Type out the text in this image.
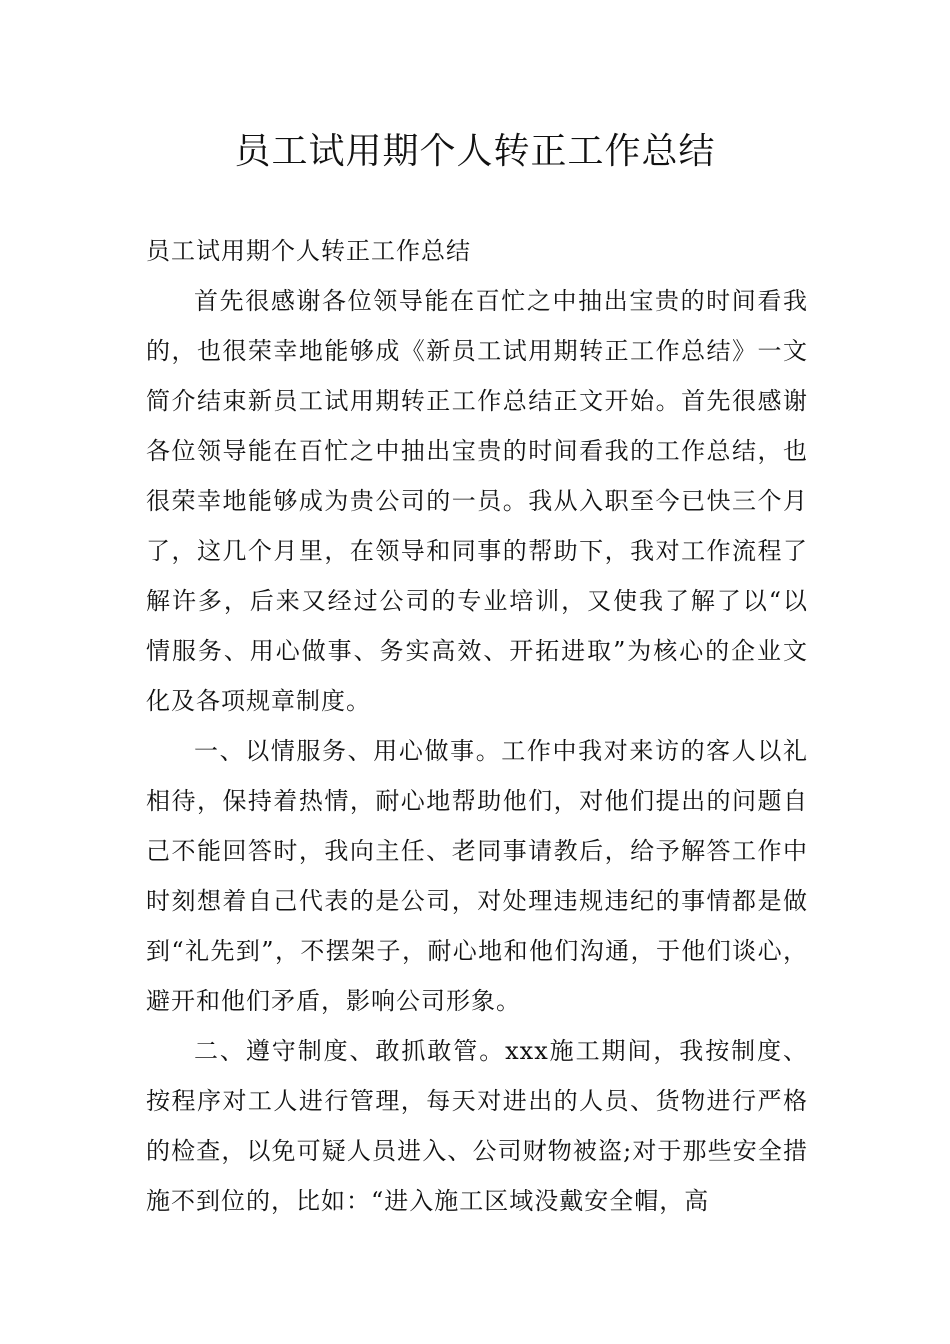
员工试用期个人转正工作总结

员工试用期个人转正工作总结

首先很感谢各位领导能在百忙之中抽出宝贵的时间看我的，也很荣幸地能够成《新员工试用期转正工作总结》一文简介结束新员工试用期转正工作总结正文开始。首先很感谢各位领导能在百忙之中抽出宝贵的时间看我的工作总结，也很荣幸地能够成为贵公司的一员。我从入职至今已快三个月了，这几个月里，在领导和同事的帮助下，我对工作流程了解许多，后来又经过公司的专业培训，又使我了解了以“以情服务、用心做事、务实高效、开拓进取”为核心的企业文化及各项规章制度。

一、以情服务、用心做事。工作中我对来访的客人以礼相待，保持着热情，耐心地帮助他们，对他们提出的问题自己不能回答时，我向主任、老同事请教后，给予解答工作中时刻想着自己代表的是公司，对处理违规违纪的事情都是做到“礼先到”，不摆架子，耐心地和他们沟通，于他们谈心，避开和他们矛盾，影响公司形象。

二、遵守制度、敢抓敢管。xxx施工期间，我按制度、按程序对工人进行管理，每天对进出的人员、货物进行严格的检查，以免可疑人员进入、公司财物被盗;对于那些安全措施不到位的，比如：“进入施工区域没戴安全帽，高
